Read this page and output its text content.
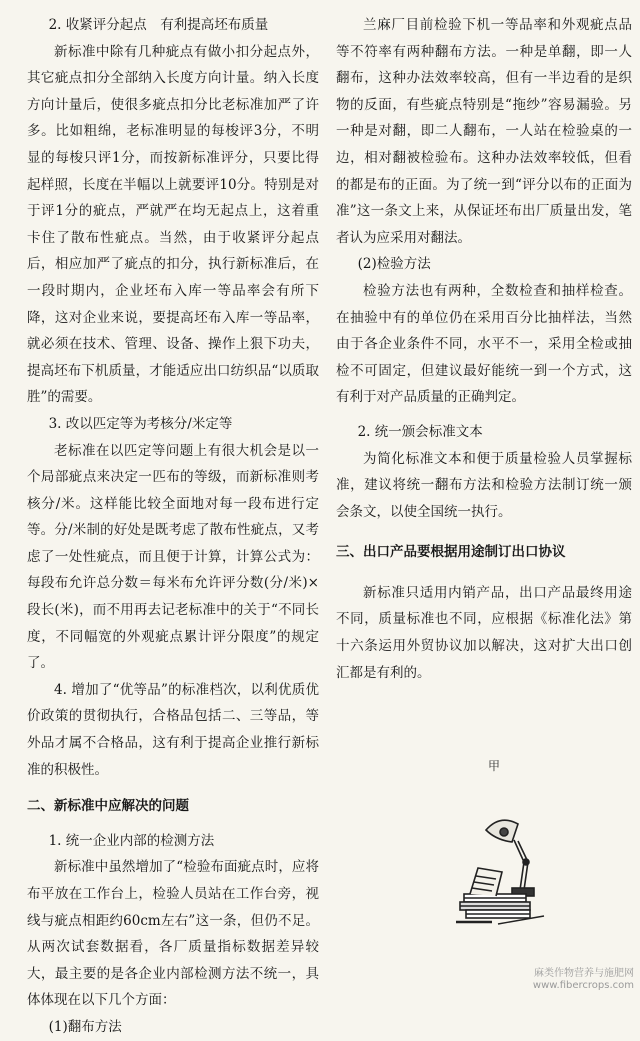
2. 收紧评分起点　有利提高坯布质量

新标准中除有几种疵点有做小扣分起点外，其它疵点扣分全部纳入长度方向计量。纳入长度方向计量后，使很多疵点扣分比老标准加严了许多。比如粗绵，老标准明显的每梭评3分，不明显的每梭只评1分，而按新标准评分，只要比得起样照，长度在半幅以上就要评10分。特别是对于评1分的疵点，严就严在均无起点上，这着重卡住了散布性疵点。当然，由于收紧评分起点后，相应加严了疵点的扣分，执行新标准后，在一段时期内，企业坯布入库一等品率会有所下降，这对企业来说，要提高坯布入库一等品率，就必须在技术、管理、设备、操作上狠下功夫，提高坯布下机质量，才能适应出口纺织品“以质取胜”的需要。

3. 改以匹定等为考核分/米定等

老标准在以匹定等问题上有很大机会是以一个局部疵点来决定一匹布的等级，而新标准则考核分/米。这样能比较全面地对每一段布进行定等。分/米制的好处是既考虑了散布性疵点，又考虑了一处性疵点，而且便于计算，计算公式为：每段布允许总分数＝每米布允许评分数(分/米)×段长(米)，而不用再去记老标准中的关于“不同长度，不同幅宽的外观疵点累计评分限度”的规定了。

4. 增加了“优等品”的标准档次，以利优质优价政策的贯彻执行，合格品包括二、三等品，等外品才属不合格品，这有利于提高企业推行新标准的积极性。

二、新标准中应解决的问题

1. 统一企业内部的检测方法

新标准中虽然增加了“检验布面疵点时，应将布平放在工作台上，检验人员站在工作台旁，视线与疵点相距约60cm左右”这一条，但仍不足。从两次试套数据看，各厂质量指标数据差异较大，最主要的是各企业内部检测方法不统一，具体体现在以下几个方面：

(1)翻布方法

兰麻厂目前检验下机一等品率和外观疵点品等不符率有两种翻布方法。一种是单翻，即一人翻布，这种办法效率较高，但有一半边看的是织物的反面，有些疵点特别是“拖纱”容易漏验。另一种是对翻，即二人翻布，一人站在检验桌的一边，相对翻被检验布。这种办法效率较低，但看的都是布的正面。为了统一到“评分以布的正面为准”这一条文上来，从保证坯布出厂质量出发，笔者认为应采用对翻法。

(2)检验方法

检验方法也有两种，全数检查和抽样检查。在抽验中有的单位仍在采用百分比抽样法，当然由于各企业条件不同，水平不一，采用全检或抽检不可固定，但建议最好能统一到一个方式，这有利于对产品质量的正确判定。

2. 统一颁会标准文本

为简化标准文本和便于质量检验人员掌握标准，建议将统一翻布方法和检验方法制订统一颁会条文，以使全国统一执行。

三、出口产品要根据用途制订出口协议

新标准只适用内销产品，出口产品最终用途不同，质量标准也不同，应根据《标准化法》第十六条运用外贸协议加以解决，这对扩大出口创汇都是有利的。

甲
麻类作物营养与施肥网
www.fibercrops.com
